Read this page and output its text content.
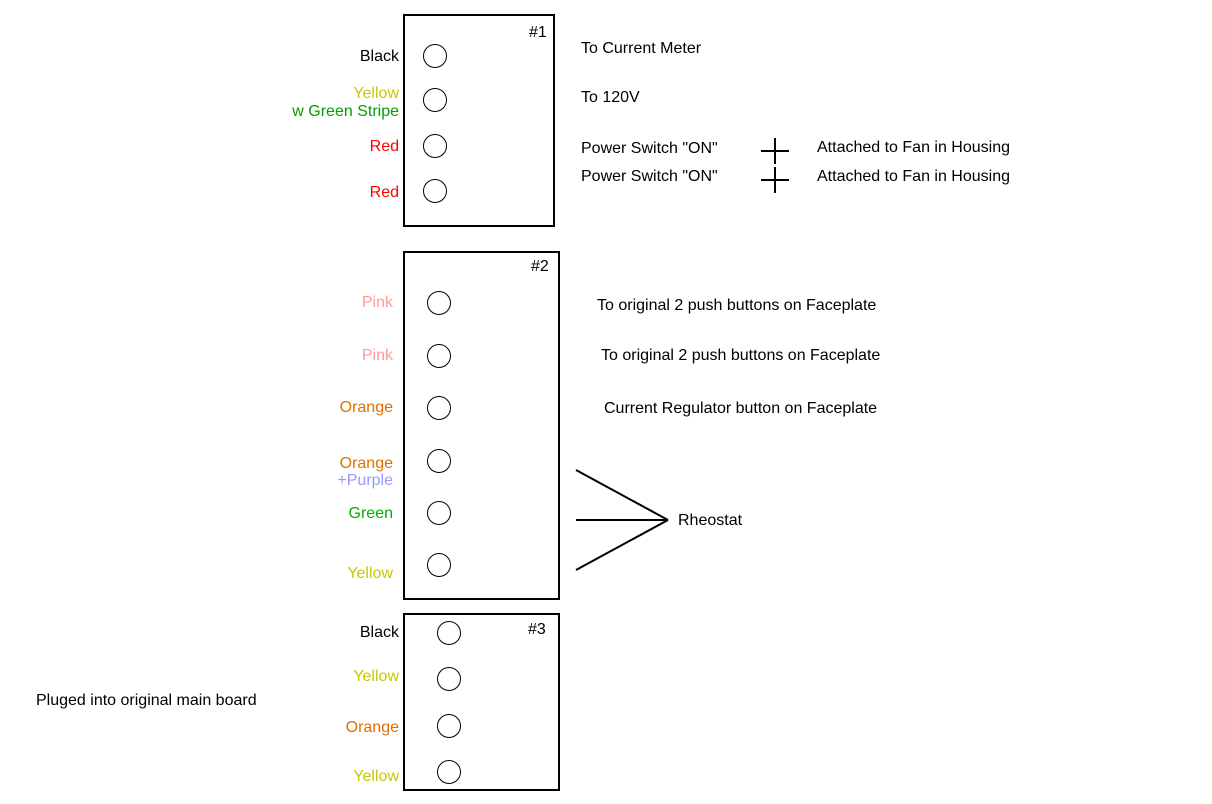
#1
Black
Yellow
w Green Stripe
Red
Red
To Current Meter
To 120V
Power Switch "ON"
Power Switch "ON"
Attached to Fan in Housing
Attached to Fan in Housing
#2
Pink
Pink
Orange
Orange
+Purple
Green
Yellow
To original 2 push buttons on Faceplate
To original 2 push buttons on Faceplate
Current Regulator button on Faceplate
Rheostat
#3
Black
Yellow
Orange
Yellow
Pluged into original main board
